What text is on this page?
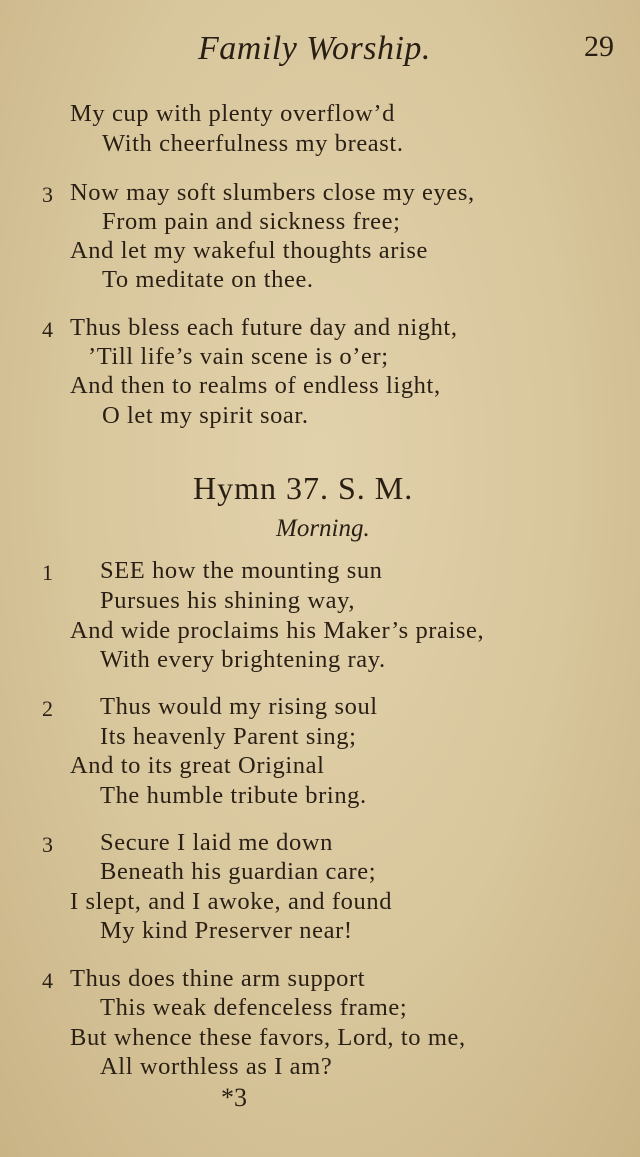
Family Worship.	29
My cup with plenty overflow’d
With cheerfulness my breast.
3 Now may soft slumbers close my eyes,
From pain and sickness free;
And let my wakeful thoughts arise
To meditate on thee.
4 Thus bless each future day and night,
’Till life’s vain scene is o’er;
And then to realms of endless light,
O let my spirit soar.
Hymn 37. S. M.
Morning.
1 SEE how the mounting sun
Pursues his shining way,
And wide proclaims his Maker’s praise,
With every brightening ray.
2 Thus would my rising soul
Its heavenly Parent sing;
And to its great Original
The humble tribute bring.
3 Secure I laid me down
Beneath his guardian care;
I slept, and I awoke, and found
My kind Preserver near!
4 Thus does thine arm support
This weak defenceless frame;
But whence these favors, Lord, to me,
All worthless as I am?
*3
